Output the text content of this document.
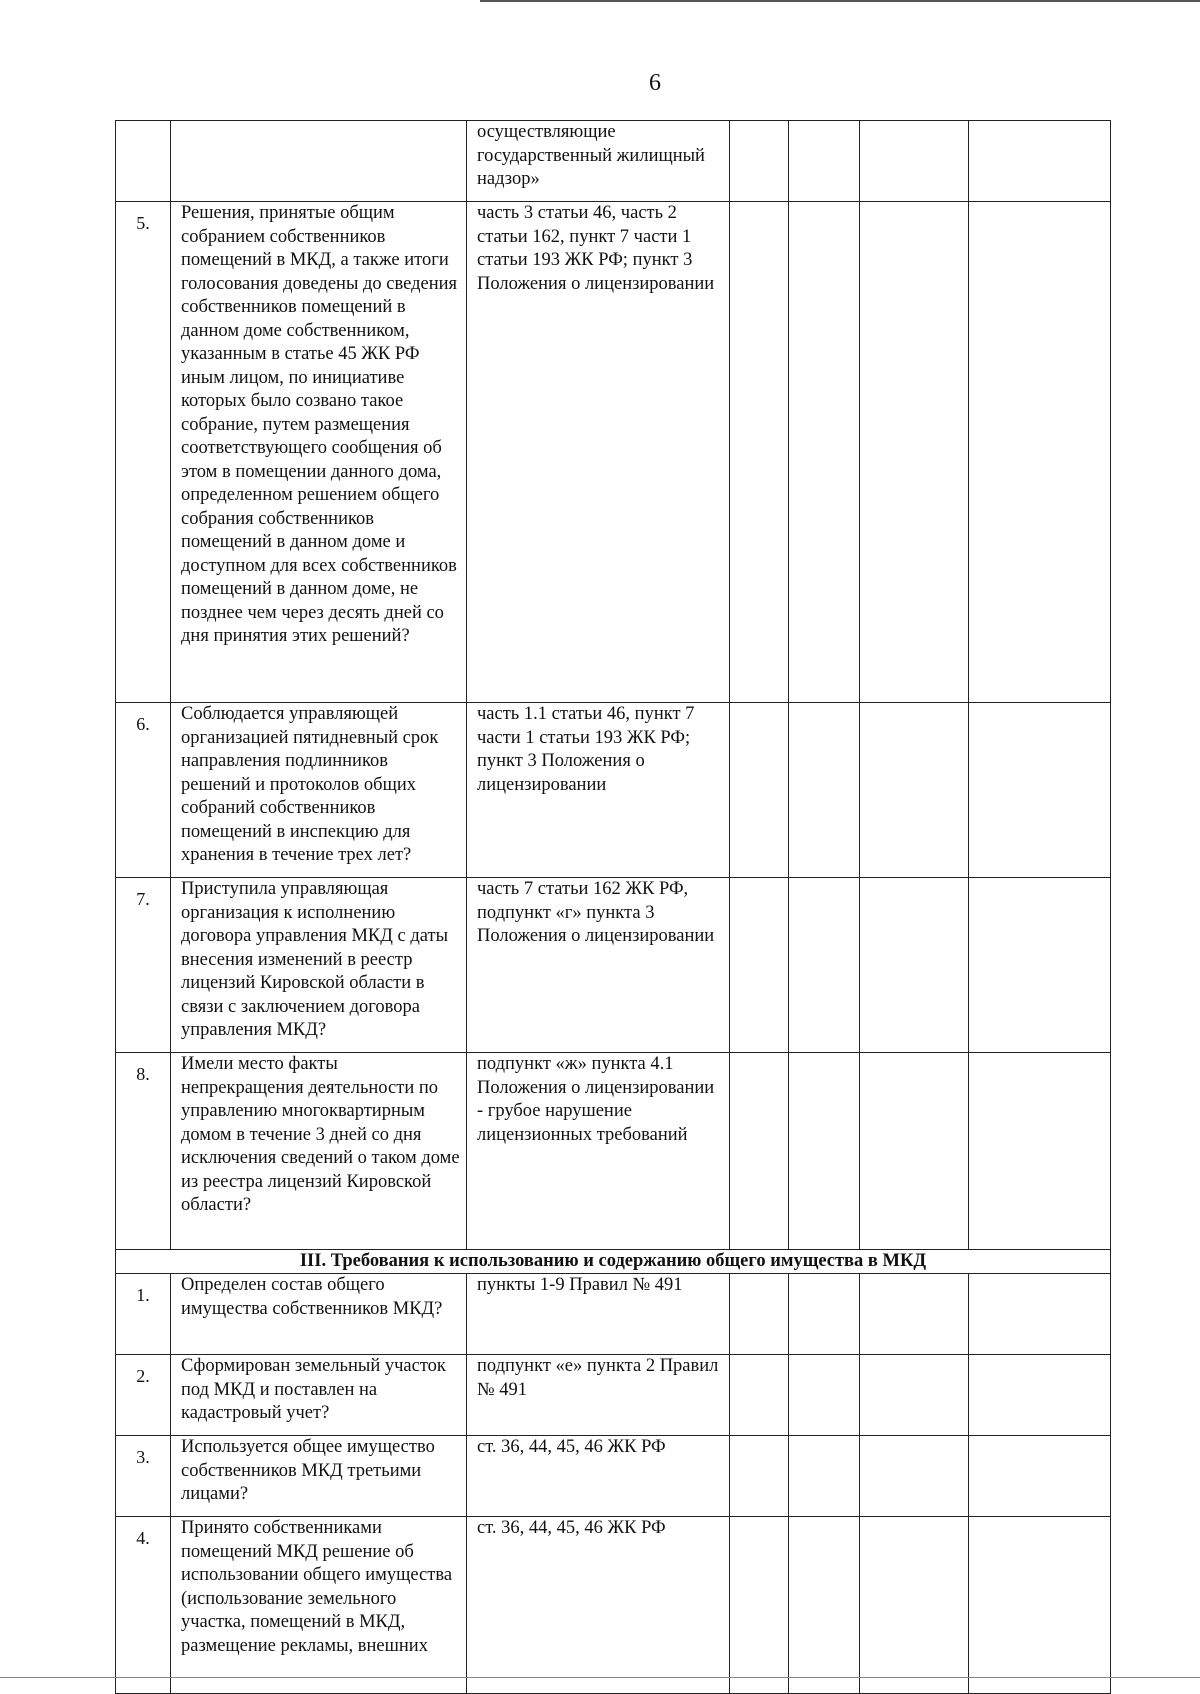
6
		осуществляющие государственный жилищный надзор»				
5.	Решения, принятые общим собранием собственников помещений в МКД, а также итоги голосования доведены до сведения собственников помещений в данном доме собственником, указанным в статье 45 ЖК РФ иным лицом, по инициативе которых было созвано такое собрание, путем размещения соответствующего сообщения об этом в помещении данного дома, определенном решением общего собрания собственников помещений в данном доме и доступном для всех собственников помещений в данном доме, не позднее чем через десять дней со дня принятия этих решений?	часть 3 статьи 46, часть 2 статьи 162, пункт 7 части 1 статьи 193 ЖК РФ; пункт 3 Положения о лицензировании				
6.	Соблюдается управляющей организацией пятидневный срок направления подлинников решений и протоколов общих собраний собственников помещений в инспекцию для хранения в течение трех лет?	часть 1.1 статьи 46, пункт 7 части 1 статьи 193 ЖК РФ; пункт 3 Положения о лицензировании				
7.	Приступила управляющая организация к исполнению договора управления МКД с даты внесения изменений в реестр лицензий Кировской области в связи с заключением договора управления МКД?	часть 7 статьи 162 ЖК РФ, подпункт «г» пункта 3 Положения о лицензировании				
8.	Имели место факты непрекращения деятельности по управлению многоквартирным домом в течение 3 дней со дня исключения сведений о таком доме из реестра лицензий Кировской области?	подпункт «ж» пункта 4.1 Положения о лицензировании - грубое нарушение лицензионных требований				
III. Требования к использованию и содержанию общего имущества в МКД						
1.	Определен состав общего имущества собственников МКД?	пункты 1-9 Правил № 491				
2.	Сформирован земельный участок под МКД и поставлен на кадастровый учет?	подпункт «е» пункта 2 Правил № 491				
3.	Используется общее имущество собственников МКД третьими лицами?	ст. 36, 44, 45, 46 ЖК РФ				
4.	Принято собственниками помещений МКД решение об использовании общего имущества (использование земельного участка, помещений в МКД, размещение рекламы, внешних	ст. 36, 44, 45, 46 ЖК РФ				
